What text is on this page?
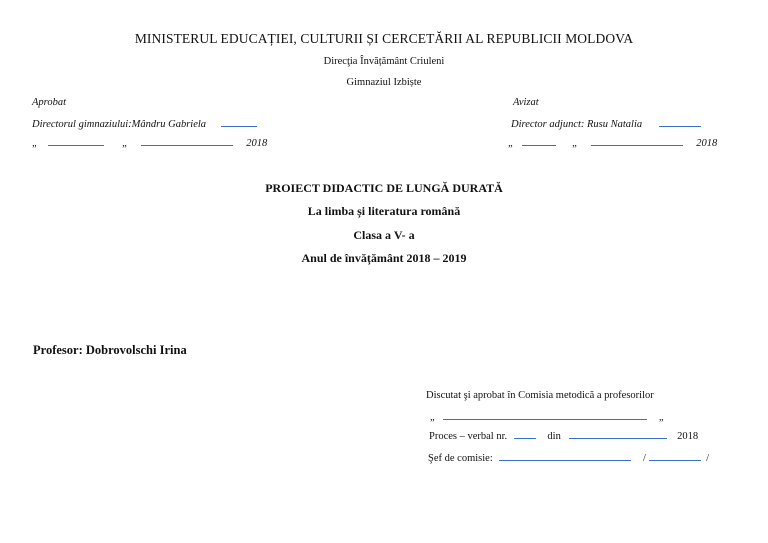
MINISTERUL EDUCAȚIEI, CULTURII ȘI CERCETĂRII AL REPUBLICII MOLDOVA
Direcţia Învățământ Criuleni
Gimnaziul Izbiște
Aprobat
Directorul gimnaziului:Mândru Gabriela
„	„	2018
Avizat
Director adjunct: Rusu Natalia
„	„	2018
PROIECT DIDACTIC DE LUNGĂ DURATĂ
La limba și literatura română
Clasa a V- a
Anul de învățământ 2018 – 2019
Profesor: Dobrovolschi Irina
Discutat şi aprobat în Comisia metodică a profesorilor
„	„
Proces – verbal nr.	din	2018
Şef de comisie:	/	/
